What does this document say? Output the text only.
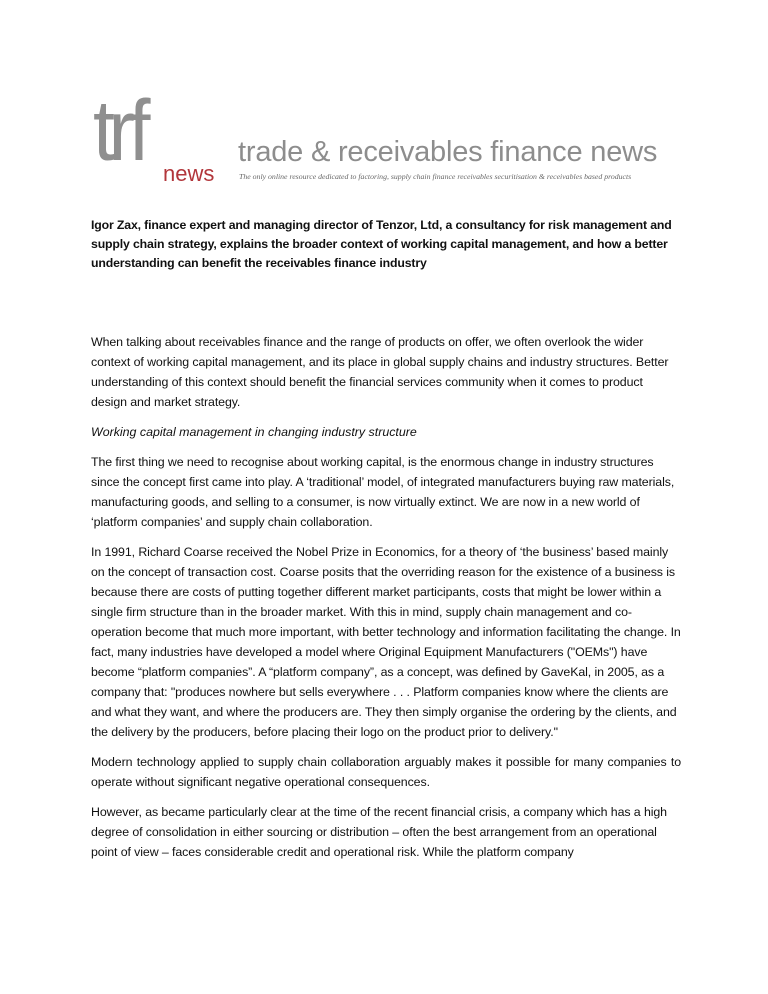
trf news
trade & receivables finance news
The only online resource dedicated to factoring, supply chain finance receivables securitisation & receivables based products

Igor Zax, finance expert and managing director of Tenzor, Ltd, a consultancy for risk management and supply chain strategy, explains the broader context of working capital management, and how a better understanding can benefit the receivables finance industry

When talking about receivables finance and the range of products on offer, we often overlook the wider context of working capital management, and its place in global supply chains and industry structures. Better understanding of this context should benefit the financial services community when it comes to product design and market strategy.

Working capital management in changing industry structure

The first thing we need to recognise about working capital, is the enormous change in industry structures since the concept first came into play. A ‘traditional’ model, of integrated manufacturers buying raw materials, manufacturing goods, and selling to a consumer, is now virtually extinct. We are now in a new world of ‘platform companies’ and supply chain collaboration.

In 1991, Richard Coarse received the Nobel Prize in Economics, for a theory of ‘the business’ based mainly on the concept of transaction cost. Coarse posits that the overriding reason for the existence of a business is because there are costs of putting together different market participants, costs that might be lower within a single firm structure than in the broader market. With this in mind, supply chain management and co-operation become that much more important, with better technology and information facilitating the change. In fact, many industries have developed a model where Original Equipment Manufacturers ("OEMs") have become “platform companies”. A “platform company”, as a concept, was defined by GaveKal, in 2005, as a company that: "produces nowhere but sells everywhere . . . Platform companies know where the clients are and what they want, and where the producers are. They then simply organise the ordering by the clients, and the delivery by the producers, before placing their logo on the product prior to delivery."

Modern technology applied to supply chain collaboration arguably makes it possible for many companies to operate without significant negative operational consequences.

However, as became particularly clear at the time of the recent financial crisis, a company which has a high degree of consolidation in either sourcing or distribution – often the best arrangement from an operational point of view – faces considerable credit and operational risk. While the platform company
